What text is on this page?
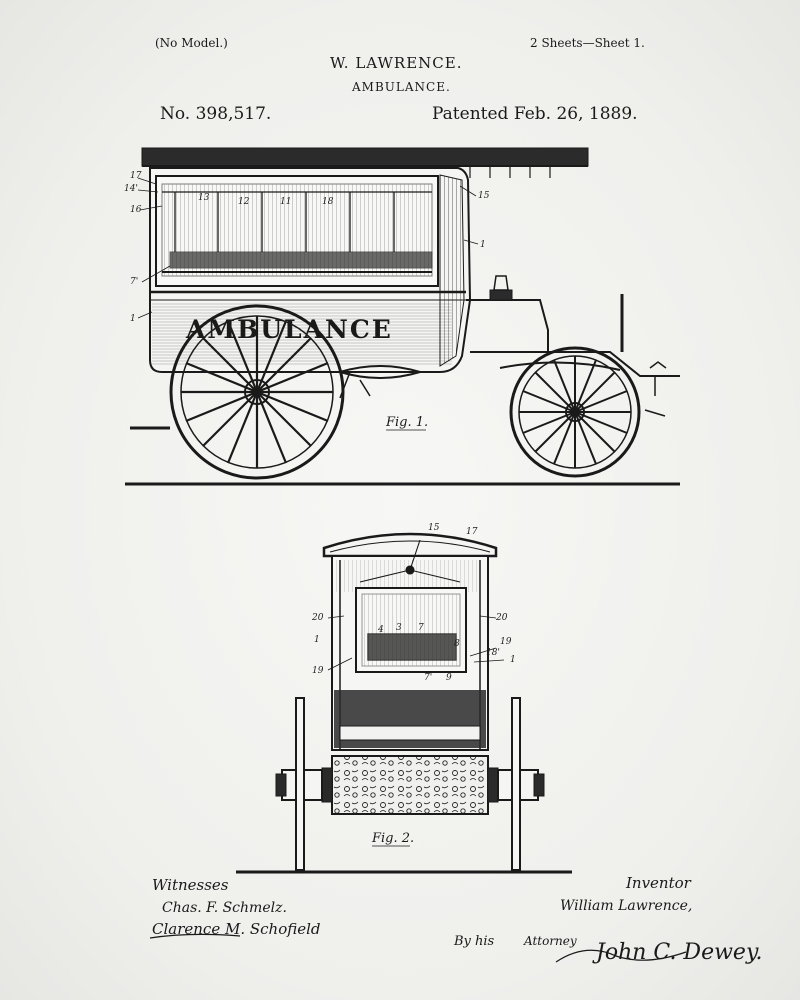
(No Model.)	2 Sheets—Sheet 1.
W. LAWRENCE.
AMBULANCE.
No. 398,517.	Patented Feb. 26, 1889.
17
14'
16
13	12	11	18
15
1
7'
1 AMBULANCE
Fig. 1.
15	17
20	20
1
1
19
19
18'
3
4	7
7'
8
9
Fig. 2.
Witnesses
Chas. F. Schmelz.
Clarence M. Schofield
Inventor
William Lawrence,
By his Attorney John C. Dewey.
